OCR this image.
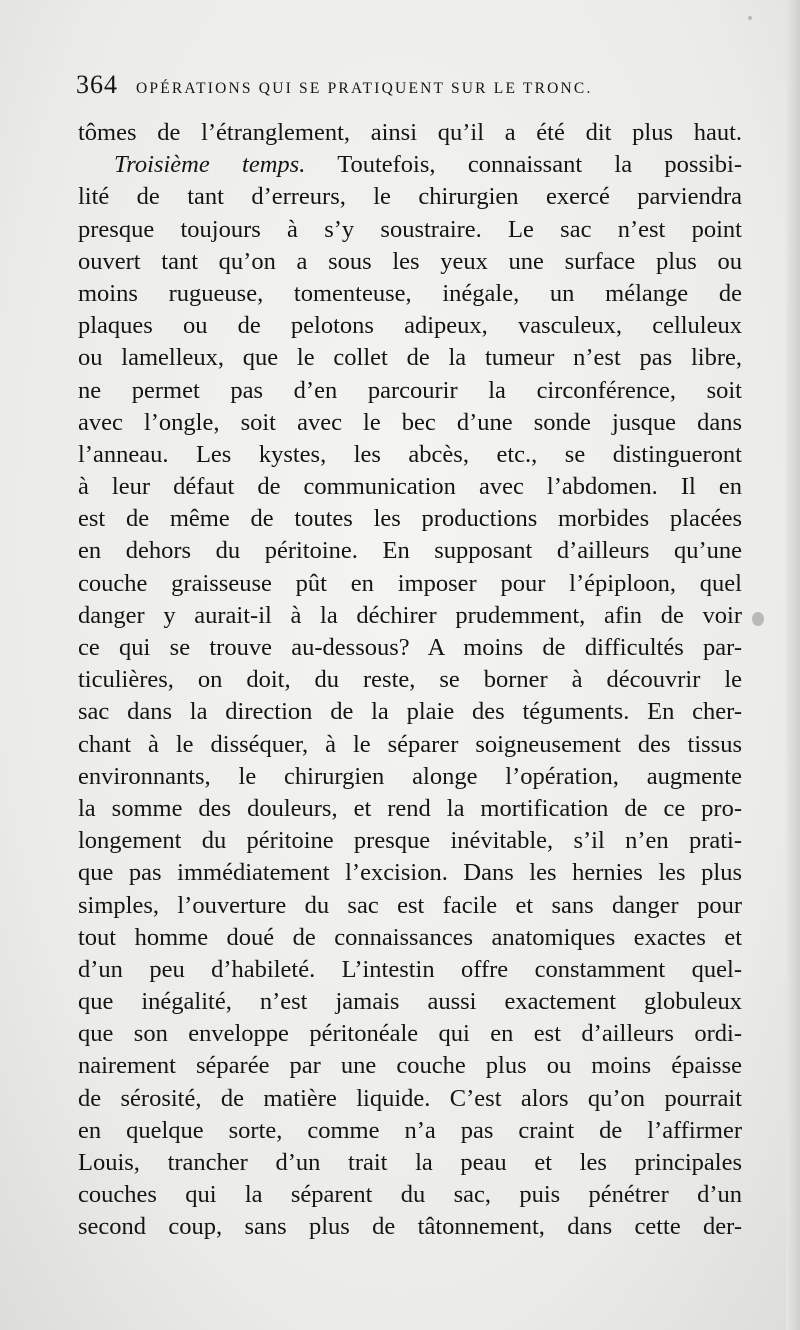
364 OPÉRATIONS QUI SE PRATIQUENT SUR LE TRONC.
tômes de l’étranglement, ainsi qu’il a été dit plus haut.
Troisième temps. Toutefois, connaissant la possibi-
lité de tant d’erreurs, le chirurgien exercé parviendra
presque toujours à s’y soustraire. Le sac n’est point
ouvert tant qu’on a sous les yeux une surface plus ou
moins rugueuse, tomenteuse, inégale, un mélange de
plaques ou de pelotons adipeux, vasculeux, celluleux
ou lamelleux, que le collet de la tumeur n’est pas libre,
ne permet pas d’en parcourir la circonférence, soit
avec l’ongle, soit avec le bec d’une sonde jusque dans
l’anneau. Les kystes, les abcès, etc., se distingueront
à leur défaut de communication avec l’abdomen. Il en
est de même de toutes les productions morbides placées
en dehors du péritoine. En supposant d’ailleurs qu’une
couche graisseuse pût en imposer pour l’épiploon, quel
danger y aurait-il à la déchirer prudemment, afin de voir
ce qui se trouve au-dessous? A moins de difficultés par-
ticulières, on doit, du reste, se borner à découvrir le
sac dans la direction de la plaie des téguments. En cher-
chant à le disséquer, à le séparer soigneusement des tissus
environnants, le chirurgien alonge l’opération, augmente
la somme des douleurs, et rend la mortification de ce pro-
longement du péritoine presque inévitable, s’il n’en prati-
que pas immédiatement l’excision. Dans les hernies les plus
simples, l’ouverture du sac est facile et sans danger pour
tout homme doué de connaissances anatomiques exactes et
d’un peu d’habileté. L’intestin offre constamment quel-
que inégalité, n’est jamais aussi exactement globuleux
que son enveloppe péritonéale qui en est d’ailleurs ordi-
nairement séparée par une couche plus ou moins épaisse
de sérosité, de matière liquide. C’est alors qu’on pourrait
en quelque sorte, comme n’a pas craint de l’affirmer
Louis, trancher d’un trait la peau et les principales
couches qui la séparent du sac, puis pénétrer d’un
second coup, sans plus de tâtonnement, dans cette der-
